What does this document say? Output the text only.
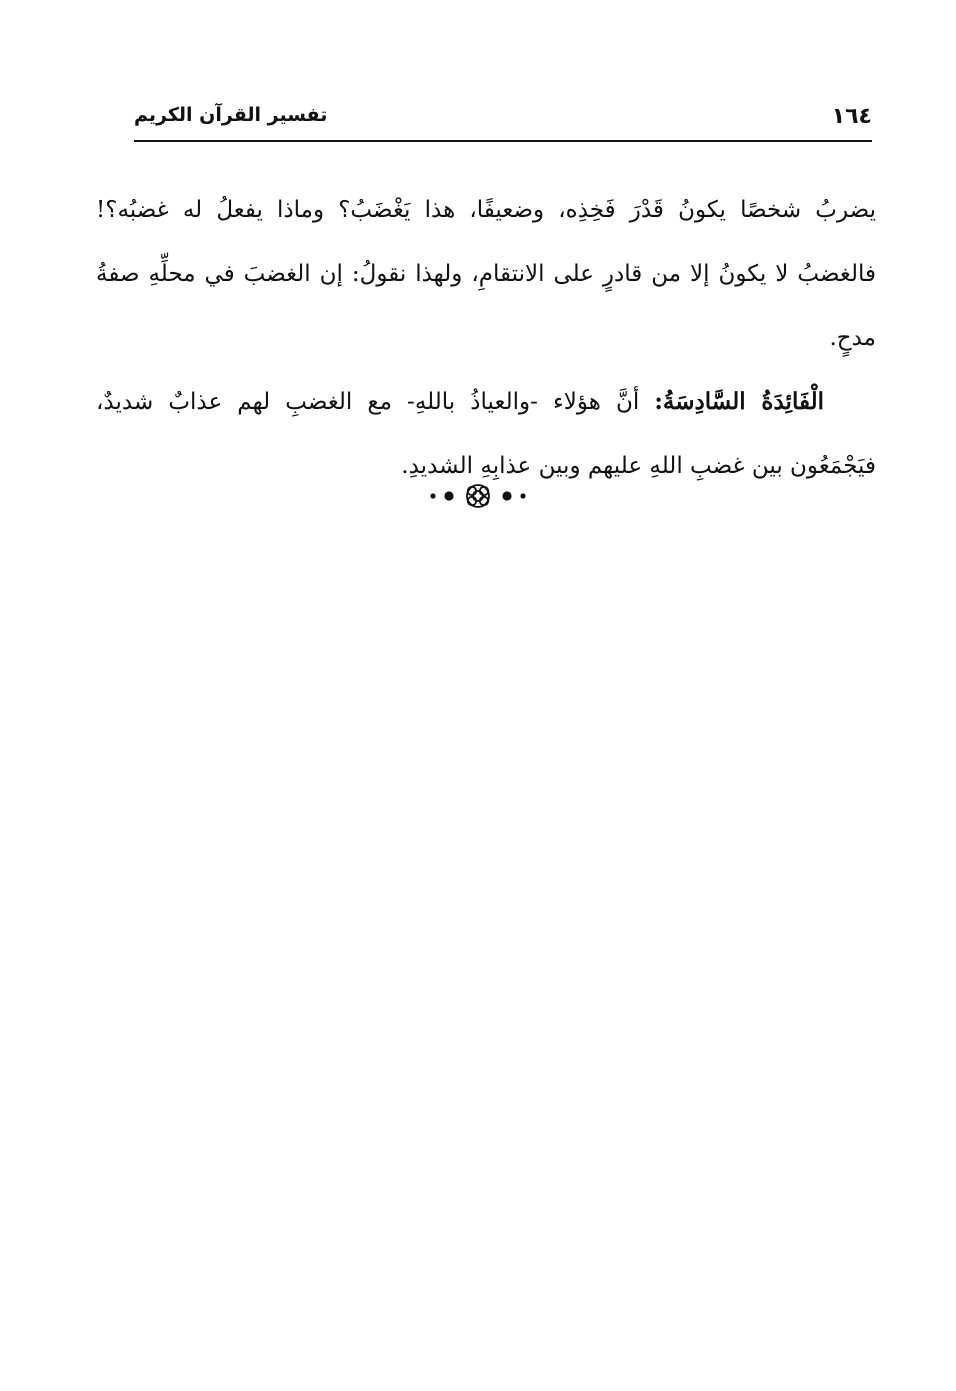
تفسير القرآن الكريم	١٦٤

يضربُ شخصًا يكونُ قَدْرَ فَخِذِه، وضعيفًا، هذا يَغْضَبُ؟ وماذا يفعلُ له غضبُه؟! فالغضبُ لا يكونُ إلا من قادرٍ على الانتقامِ، ولهذا نقولُ: إن الغضبَ في محلِّهِ صفةُ مدحٍ.

الْفَائِدَةُ السَّادِسَةُ: أنَّ هؤلاء -والعياذُ باللهِ- مع الغضبِ لهم عذابٌ شديدٌ، فيَجْمَعُون بين غضبِ اللهِ عليهم وبين عذابِهِ الشديدِ.
